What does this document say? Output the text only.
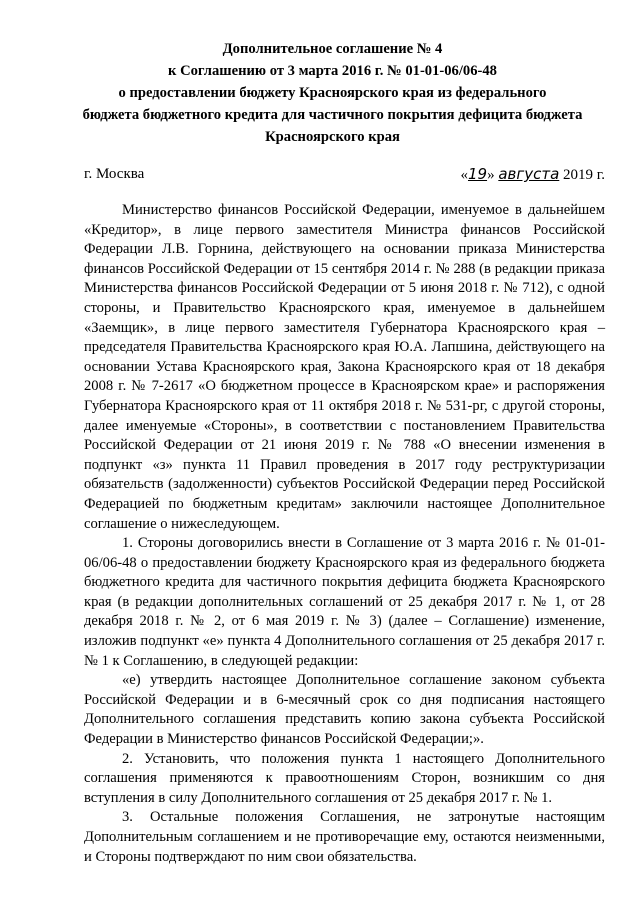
Дополнительное соглашение № 4
к Соглашению от 3 марта 2016 г. № 01-01-06/06-48
о предоставлении бюджету Красноярского края из федерального
бюджета бюджетного кредита для частичного покрытия дефицита бюджета
Красноярского края
г. Москва	«19» августа 2019 г.

Министерство финансов Российской Федерации, именуемое в дальнейшем «Кредитор», в лице первого заместителя Министра финансов Российской Федерации Л.В. Горнина, действующего на основании приказа Министерства финансов Российской Федерации от 15 сентября 2014 г. № 288 (в редакции приказа Министерства финансов Российской Федерации от 5 июня 2018 г. № 712), с одной стороны, и Правительство Красноярского края, именуемое в дальнейшем «Заемщик», в лице первого заместителя Губернатора Красноярского края – председателя Правительства Красноярского края Ю.А. Лапшина, действующего на основании Устава Красноярского края, Закона Красноярского края от 18 декабря 2008 г. № 7-2617 «О бюджетном процессе в Красноярском крае» и распоряжения Губернатора Красноярского края от 11 октября 2018 г. № 531-рг, с другой стороны, далее именуемые «Стороны», в соответствии с постановлением Правительства Российской Федерации от 21 июня 2019 г. № 788 «О внесении изменения в подпункт «з» пункта 11 Правил проведения в 2017 году реструктуризации обязательств (задолженности) субъектов Российской Федерации перед Российской Федерацией по бюджетным кредитам» заключили настоящее Дополнительное соглашение о нижеследующем.

1. Стороны договорились внести в Соглашение от 3 марта 2016 г. № 01-01-06/06-48 о предоставлении бюджету Красноярского края из федерального бюджета бюджетного кредита для частичного покрытия дефицита бюджета Красноярского края (в редакции дополнительных соглашений от 25 декабря 2017 г. № 1, от 28 декабря 2018 г. № 2, от 6 мая 2019 г. № 3) (далее – Соглашение) изменение, изложив подпункт «е» пункта 4 Дополнительного соглашения от 25 декабря 2017 г. № 1 к Соглашению, в следующей редакции:

«е) утвердить настоящее Дополнительное соглашение законом субъекта Российской Федерации и в 6-месячный срок со дня подписания настоящего Дополнительного соглашения представить копию закона субъекта Российской Федерации в Министерство финансов Российской Федерации;».

2. Установить, что положения пункта 1 настоящего Дополнительного соглашения применяются к правоотношениям Сторон, возникшим со дня вступления в силу Дополнительного соглашения от 25 декабря 2017 г. № 1.

3. Остальные положения Соглашения, не затронутые настоящим Дополнительным соглашением и не противоречащие ему, остаются неизменными, и Стороны подтверждают по ним свои обязательства.
